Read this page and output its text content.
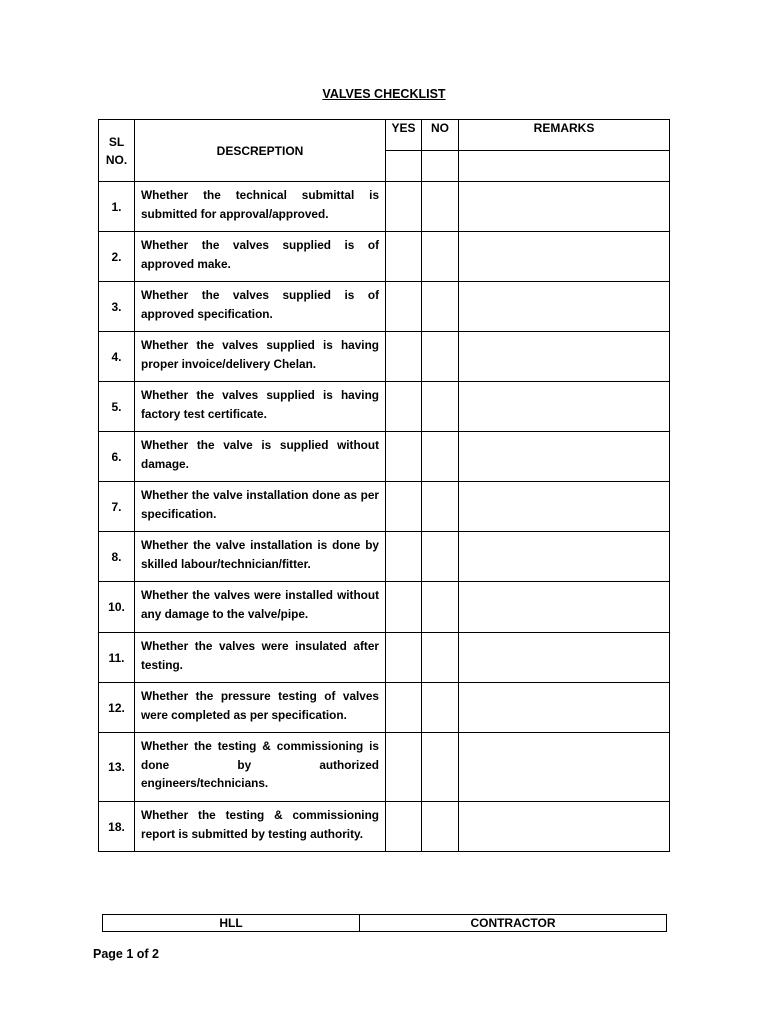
VALVES CHECKLIST
SL
NO.	DESCREPTION	YES	NO	REMARKS

1.	Whether the technical submittal is submitted for approval/approved.			
2.	Whether the valves supplied is of approved make.			
3.	Whether the valves supplied is of approved specification.			
4.	Whether the valves supplied is having proper invoice/delivery Chelan.			
5.	Whether the valves supplied is having factory test certificate.			
6.	Whether the valve is supplied without damage.			
7.	Whether the valve installation done as per specification.			
8.	Whether the valve installation is done by skilled labour/technician/fitter.			
10.	Whether the valves were installed without any damage to the valve/pipe.			
11.	Whether the valves were insulated after testing.			
12.	Whether the pressure testing of valves were completed as per specification.			
13.	Whether the testing & commissioning is done by authorized engineers/technicians.			
18.	Whether the testing & commissioning report is submitted by testing authority.			
HLL	CONTRACTOR
Page 1 of 2
